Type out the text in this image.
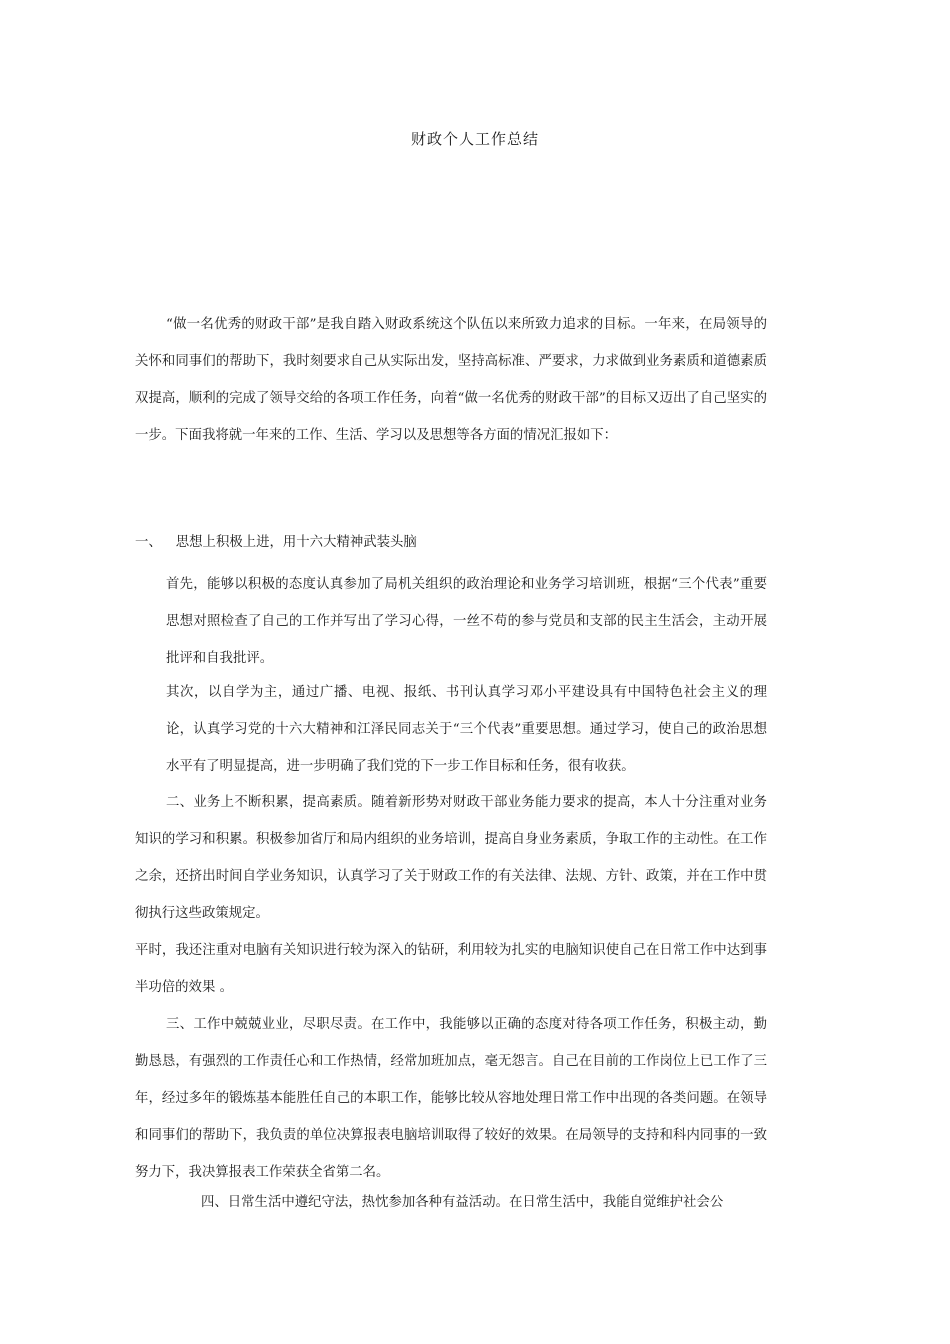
财政个人工作总结

“做一名优秀的财政干部”是我自踏入财政系统这个队伍以来所致力追求的目标。一年来，在局领导的关怀和同事们的帮助下，我时刻要求自己从实际出发，坚持高标准、严要求，力求做到业务素质和道德素质双提高，顺利的完成了领导交给的各项工作任务，向着“做一名优秀的财政干部”的目标又迈出了自己坚实的一步。下面我将就一年来的工作、生活、学习以及思想等各方面的情况汇报如下：

一、 思想上积极上进，用十六大精神武装头脑

首先，能够以积极的态度认真参加了局机关组织的政治理论和业务学习培训班，根据“三个代表”重要思想对照检查了自己的工作并写出了学习心得，一丝不苟的参与党员和支部的民主生活会，主动开展批评和自我批评。

其次，以自学为主，通过广播、电视、报纸、书刊认真学习邓小平建设具有中国特色社会主义的理论，认真学习党的十六大精神和江泽民同志关于“三个代表”重要思想。通过学习，使自己的政治思想水平有了明显提高，进一步明确了我们党的下一步工作目标和任务，很有收获。

二、业务上不断积累，提高素质。随着新形势对财政干部业务能力要求的提高，本人十分注重对业务知识的学习和积累。积极参加省厅和局内组织的业务培训，提高自身业务素质，争取工作的主动性。在工作之余，还挤出时间自学业务知识，认真学习了关于财政工作的有关法律、法规、方针、政策，并在工作中贯彻执行这些政策规定。

平时，我还注重对电脑有关知识进行较为深入的钻研，利用较为扎实的电脑知识使自己在日常工作中达到事半功倍的效果 。

三、工作中兢兢业业，尽职尽责。在工作中，我能够以正确的态度对待各项工作任务，积极主动，勤勤恳恳，有强烈的工作责任心和工作热情，经常加班加点，毫无怨言。自己在目前的工作岗位上已工作了三年，经过多年的锻炼基本能胜任自己的本职工作，能够比较从容地处理日常工作中出现的各类问题。在领导和同事们的帮助下，我负责的单位决算报表电脑培训取得了较好的效果。在局领导的支持和科内同事的一致努力下，我决算报表工作荣获全省第二名。

四、日常生活中遵纪守法，热忱参加各种有益活动。在日常生活中，我能自觉维护社会公
